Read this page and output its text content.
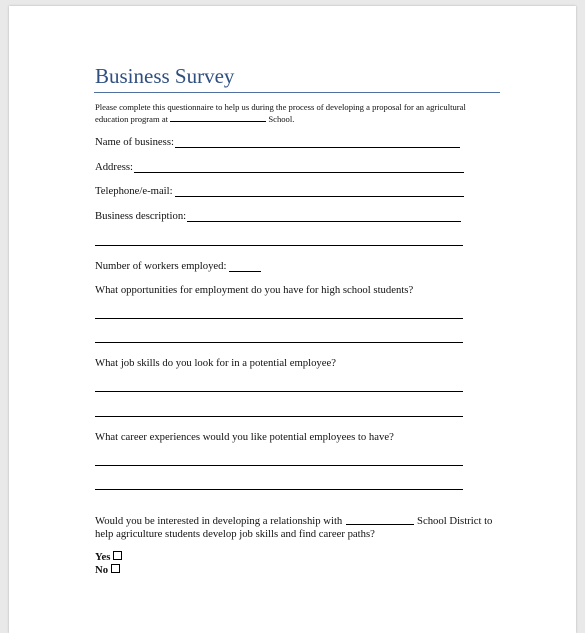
Business Survey
Please complete this questionnaire to help us during the process of developing a proposal for an agricultural
education program at	School.
Name of business:
Address:
Telephone/e-mail:
Business description:
Number of workers employed:
What opportunities for employment do you have for high school students?
What job skills do you look for in a potential employee?
What career experiences would you like potential employees to have?
Would you be interested in developing a relationship with	School District to
help agriculture students develop job skills and find career paths?
Yes
No
